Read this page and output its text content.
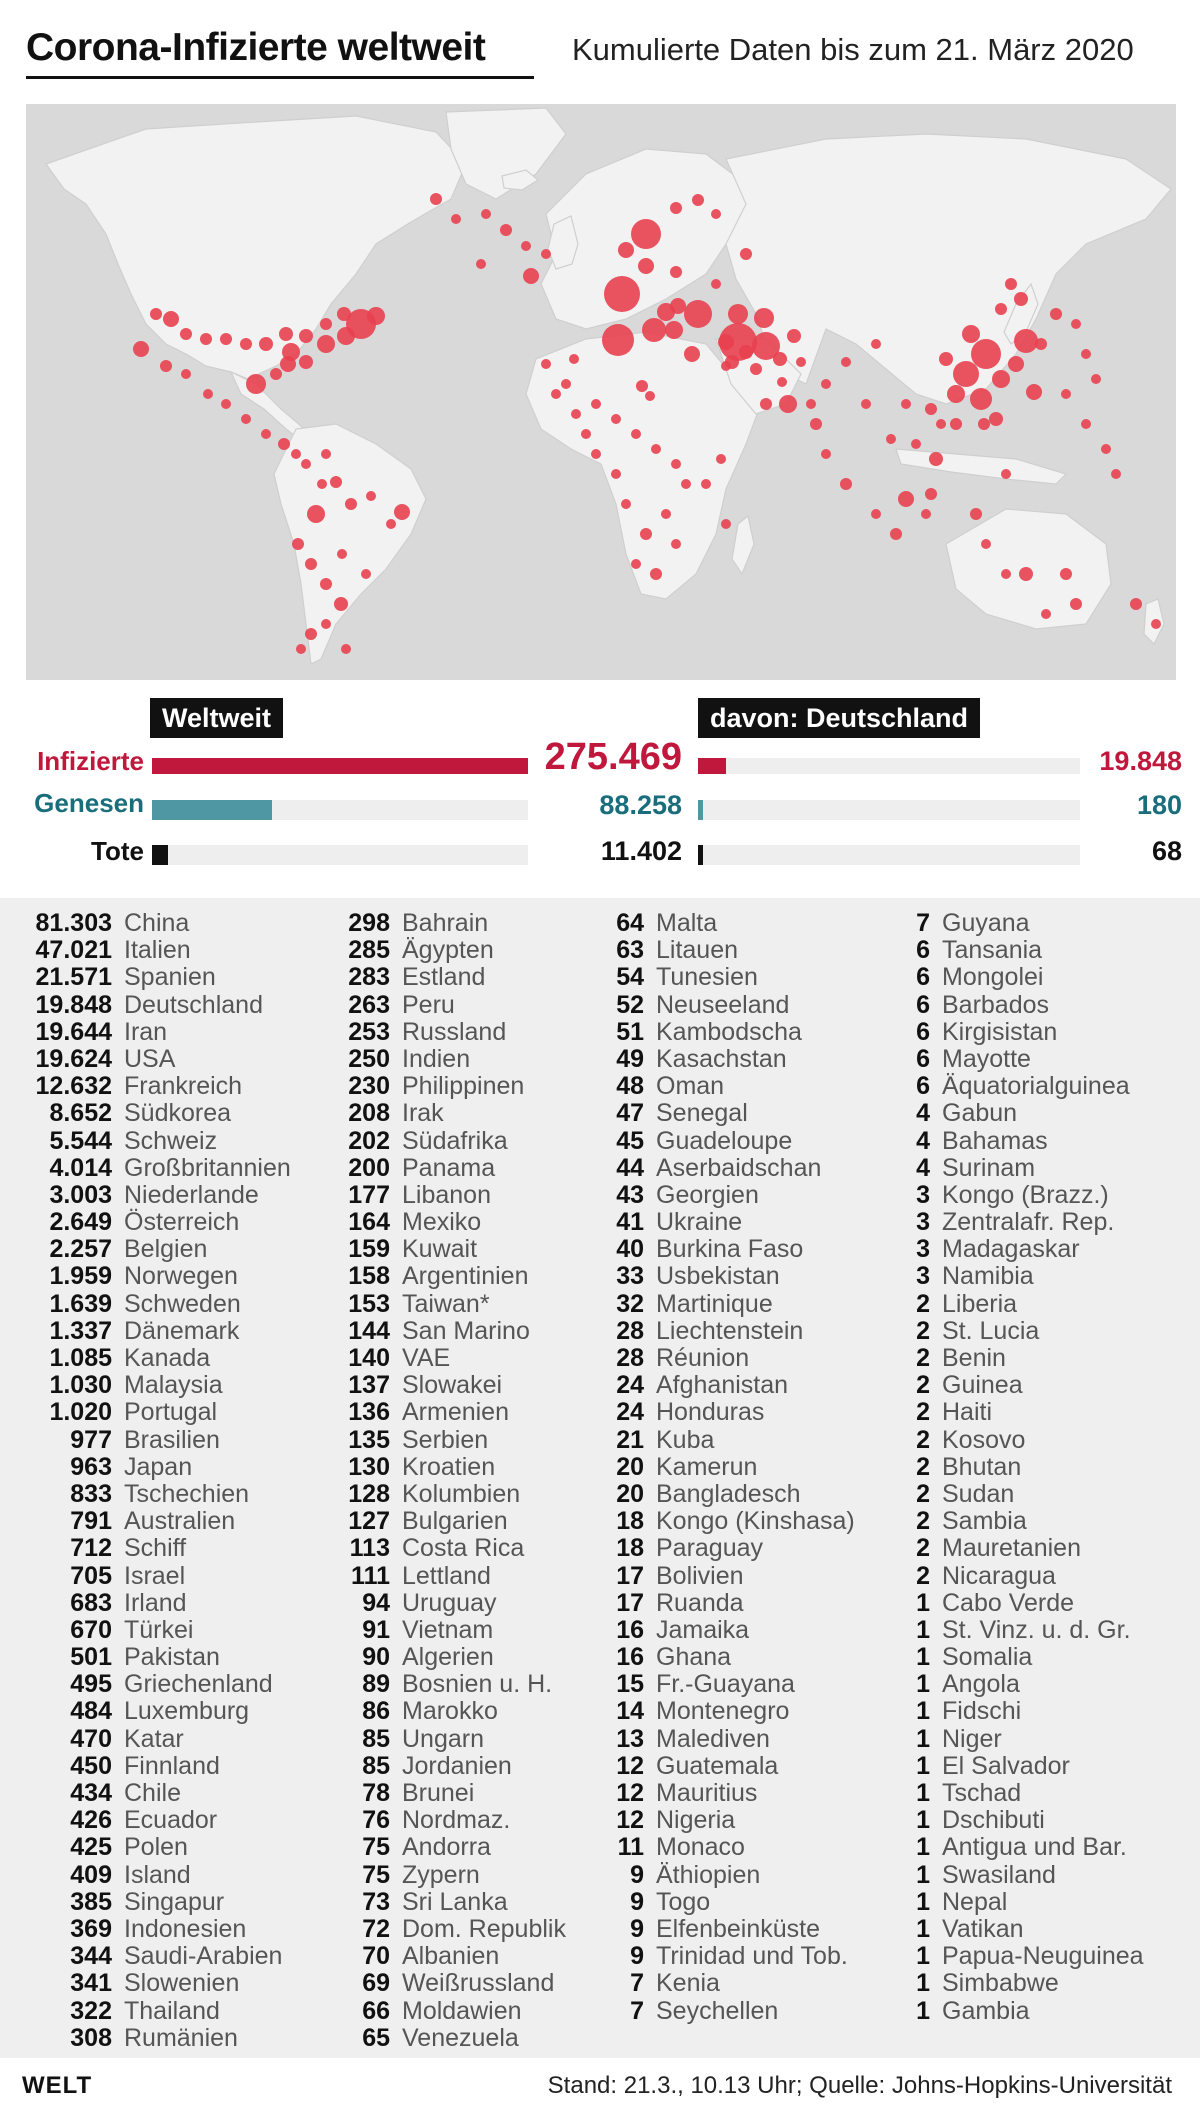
Corona-Infizierte weltweit	Kumulierte Daten bis zum 21. März 2020
Weltweit	davon: Deutschland
Infizierte	275.469	19.848
Genesen	88.258	180
Tote	11.402	68
81.303 China
47.021 Italien
21.571 Spanien
19.848 Deutschland
19.644 Iran
19.624 USA
12.632 Frankreich
8.652 Südkorea
5.544 Schweiz
4.014 Großbritannien
3.003 Niederlande
2.649 Österreich
2.257 Belgien
1.959 Norwegen
1.639 Schweden
1.337 Dänemark
1.085 Kanada
1.030 Malaysia
1.020 Portugal
977 Brasilien
963 Japan
833 Tschechien
791 Australien
712 Schiff
705 Israel
683 Irland
670 Türkei
501 Pakistan
495 Griechenland
484 Luxemburg
470 Katar
450 Finnland
434 Chile
426 Ecuador
425 Polen
409 Island
385 Singapur
369 Indonesien
344 Saudi-Arabien
341 Slowenien
322 Thailand
308 Rumänien
298 Bahrain
285 Ägypten
283 Estland
263 Peru
253 Russland
250 Indien
230 Philippinen
208 Irak
202 Südafrika
200 Panama
177 Libanon
164 Mexiko
159 Kuwait
158 Argentinien
153 Taiwan*
144 San Marino
140 VAE
137 Slowakei
136 Armenien
135 Serbien
130 Kroatien
128 Kolumbien
127 Bulgarien
113 Costa Rica
111 Lettland
94 Uruguay
91 Vietnam
90 Algerien
89 Bosnien u. H.
86 Marokko
85 Ungarn
85 Jordanien
78 Brunei
76 Nordmaz.
75 Andorra
75 Zypern
73 Sri Lanka
72 Dom. Republik
70 Albanien
69 Weißrussland
66 Moldawien
65 Venezuela
64 Malta
63 Litauen
54 Tunesien
52 Neuseeland
51 Kambodscha
49 Kasachstan
48 Oman
47 Senegal
45 Guadeloupe
44 Aserbaidschan
43 Georgien
41 Ukraine
40 Burkina Faso
33 Usbekistan
32 Martinique
28 Liechtenstein
28 Réunion
24 Afghanistan
24 Honduras
21 Kuba
20 Kamerun
20 Bangladesch
18 Kongo (Kinshasa)
18 Paraguay
17 Bolivien
17 Ruanda
16 Jamaika
16 Ghana
15 Fr.-Guayana
14 Montenegro
13 Malediven
12 Guatemala
12 Mauritius
12 Nigeria
11 Monaco
9 Äthiopien
9 Togo
9 Elfenbeinküste
9 Trinidad und Tob.
7 Kenia
7 Seychellen
7 Guyana
6 Tansania
6 Mongolei
6 Barbados
6 Kirgisistan
6 Mayotte
6 Äquatorialguinea
4 Gabun
4 Bahamas
4 Surinam
3 Kongo (Brazz.)
3 Zentralafr. Rep.
3 Madagaskar
3 Namibia
2 Liberia
2 St. Lucia
2 Benin
2 Guinea
2 Haiti
2 Kosovo
2 Bhutan
2 Sudan
2 Sambia
2 Mauretanien
2 Nicaragua
1 Cabo Verde
1 St. Vinz. u. d. Gr.
1 Somalia
1 Angola
1 Fidschi
1 Niger
1 El Salvador
1 Tschad
1 Dschibuti
1 Antigua und Bar.
1 Swasiland
1 Nepal
1 Vatikan
1 Papua-Neuguinea
1 Simbabwe
1 Gambia
WELT	Stand: 21.3., 10.13 Uhr; Quelle: Johns-Hopkins-Universität
